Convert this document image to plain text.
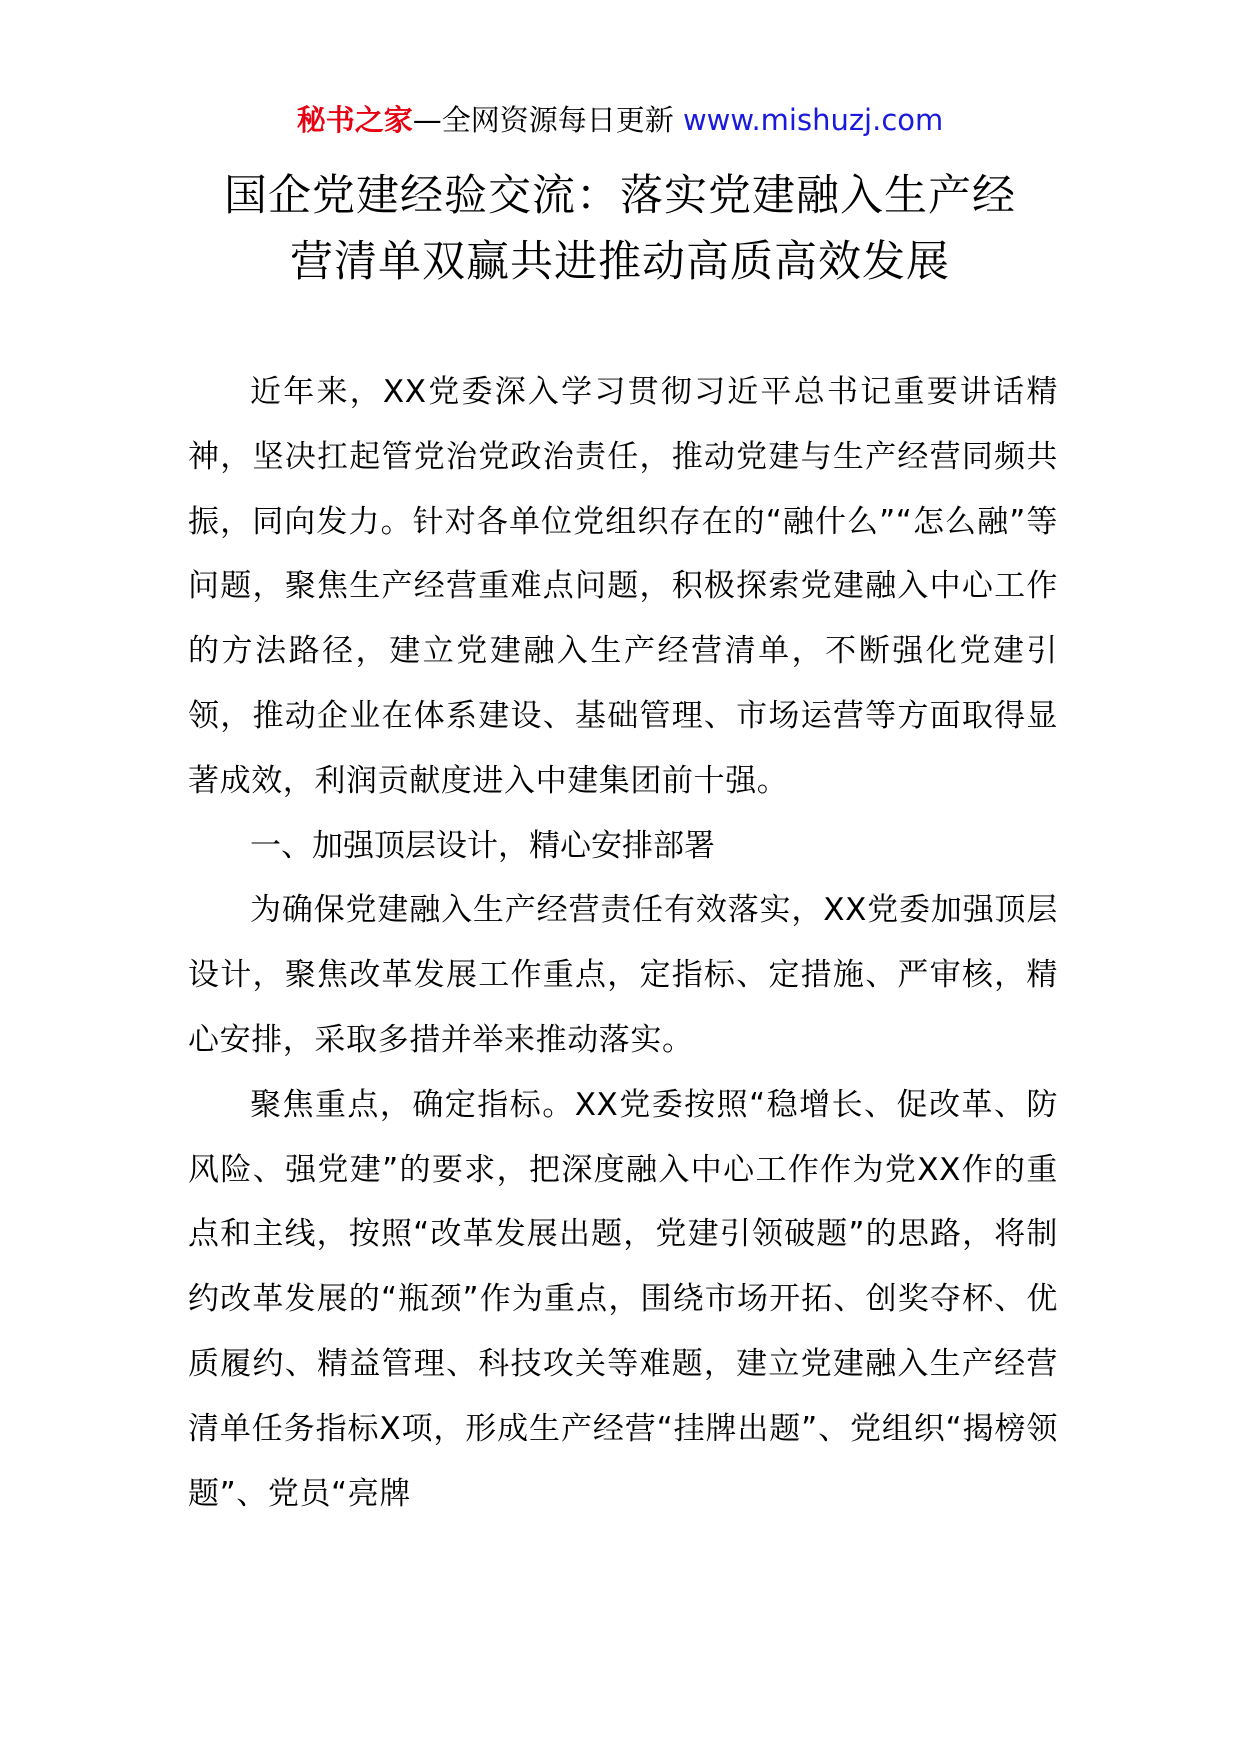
秘书之家—全网资源每日更新 www.mishuzj.com
国企党建经验交流：落实党建融入生产经
营清单双赢共进推动高质高效发展

近年来，XX党委深入学习贯彻习近平总书记重要讲话精神，坚决扛起管党治党政治责任，推动党建与生产经营同频共振，同向发力。针对各单位党组织存在的“融什么”“怎么融”等问题，聚焦生产经营重难点问题，积极探索党建融入中心工作的方法路径，建立党建融入生产经营清单，不断强化党建引领，推动企业在体系建设、基础管理、市场运营等方面取得显著成效，利润贡献度进入中建集团前十强。

一、加强顶层设计，精心安排部署

为确保党建融入生产经营责任有效落实，XX党委加强顶层设计，聚焦改革发展工作重点，定指标、定措施、严审核，精心安排，采取多措并举来推动落实。

聚焦重点，确定指标。XX党委按照“稳增长、促改革、防风险、强党建”的要求，把深度融入中心工作作为党XX作的重点和主线，按照“改革发展出题，党建引领破题”的思路，将制约改革发展的“瓶颈”作为重点，围绕市场开拓、创奖夺杯、优质履约、精益管理、科技攻关等难题，建立党建融入生产经营清单任务指标X项，形成生产经营“挂牌出题”、党组织“揭榜领题”、党员“亮牌
